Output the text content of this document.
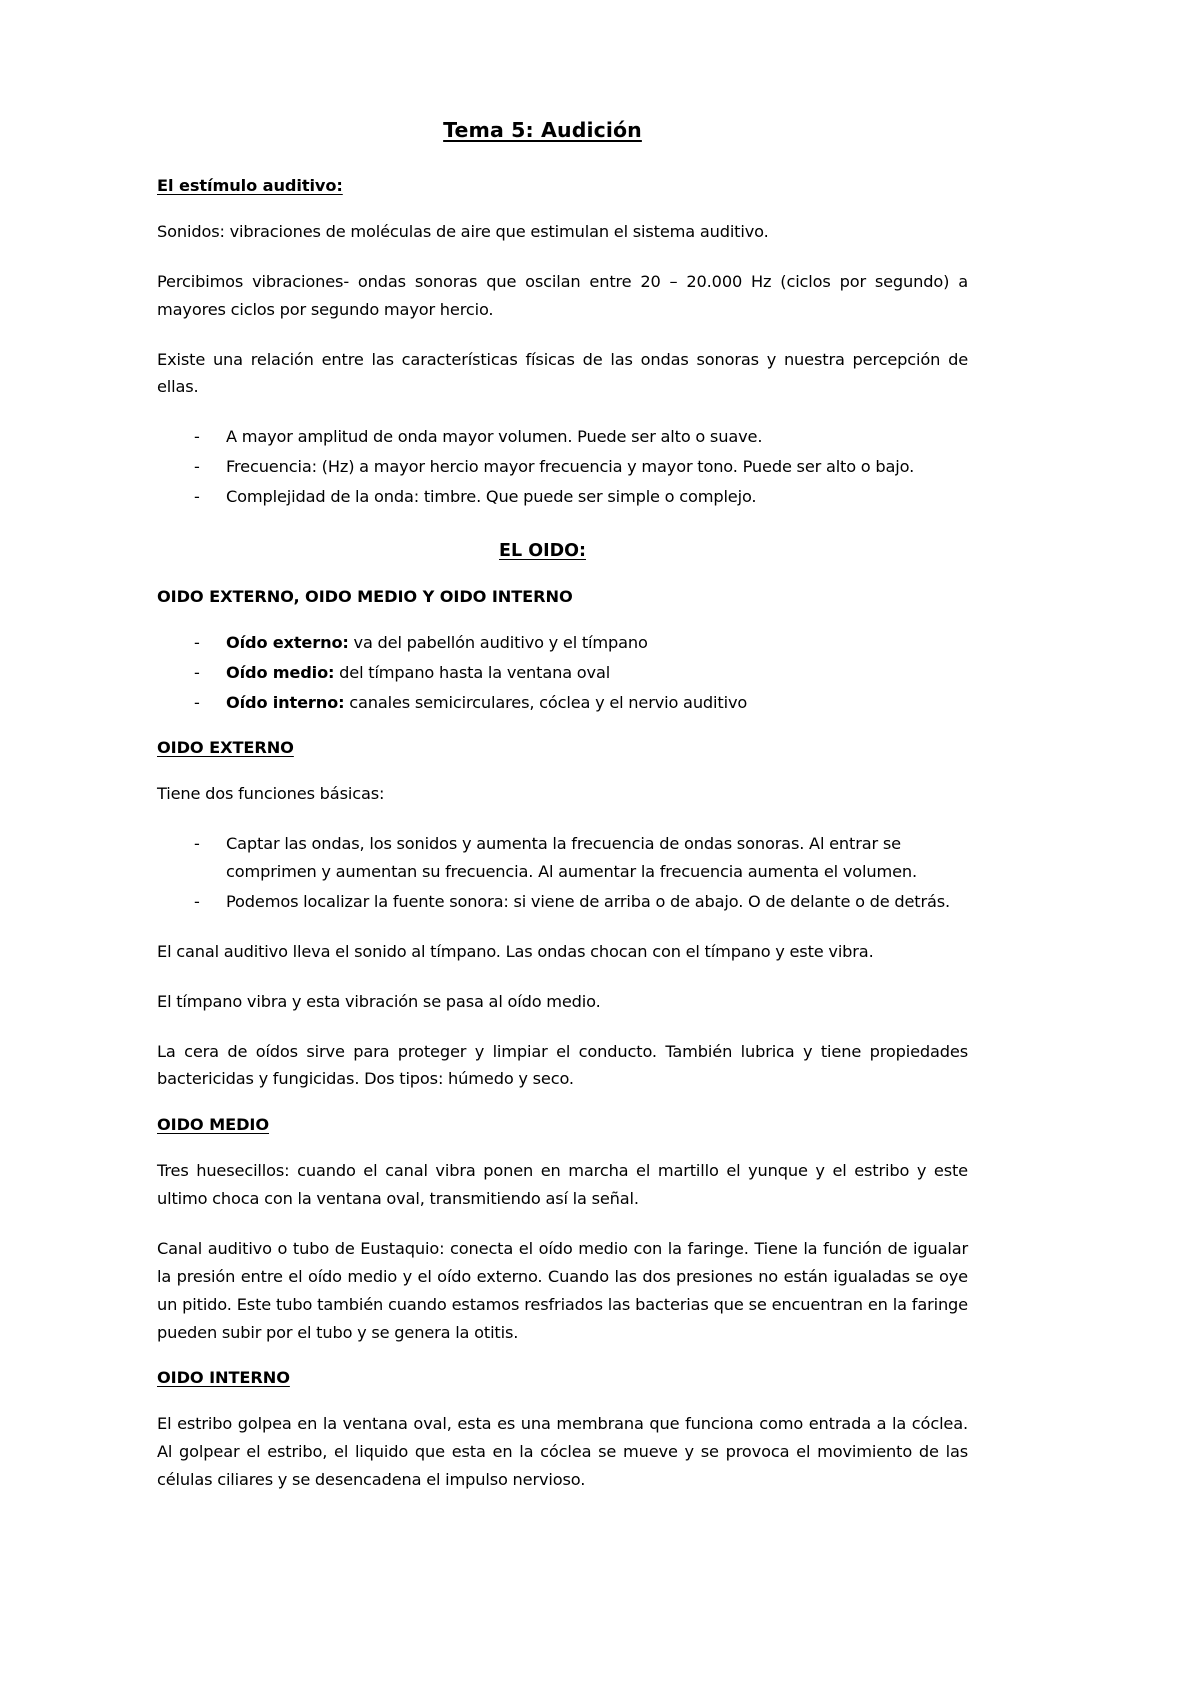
Tema 5: Audición
El estímulo auditivo:

Sonidos: vibraciones de moléculas de aire que estimulan el sistema auditivo.

Percibimos vibraciones- ondas sonoras que oscilan entre 20 – 20.000 Hz (ciclos por segundo) a mayores ciclos por segundo mayor hercio.

Existe una relación entre las características físicas de las ondas sonoras y nuestra percepción de ellas.

- A mayor amplitud de onda mayor volumen. Puede ser alto o suave.
- Frecuencia: (Hz) a mayor hercio mayor frecuencia y mayor tono. Puede ser alto o bajo.
- Complejidad de la onda: timbre. Que puede ser simple o complejo.
EL OIDO:
OIDO EXTERNO, OIDO MEDIO Y OIDO INTERNO
- Oído externo: va del pabellón auditivo y el tímpano
- Oído medio: del tímpano hasta la ventana oval
- Oído interno: canales semicirculares, cóclea y el nervio auditivo
OIDO EXTERNO

Tiene dos funciones básicas:

- Captar las ondas, los sonidos y aumenta la frecuencia de ondas sonoras. Al entrar se comprimen y aumentan su frecuencia. Al aumentar la frecuencia aumenta el volumen.
- Podemos localizar la fuente sonora: si viene de arriba o de abajo. O de delante o de detrás.

El canal auditivo lleva el sonido al tímpano. Las ondas chocan con el tímpano y este vibra.

El tímpano vibra y esta vibración se pasa al oído medio.

La cera de oídos sirve para proteger y limpiar el conducto. También lubrica y tiene propiedades bactericidas y fungicidas. Dos tipos: húmedo y seco.

OIDO MEDIO

Tres huesecillos: cuando el canal vibra ponen en marcha el martillo el yunque y el estribo y este ultimo choca con la ventana oval, transmitiendo así la señal.

Canal auditivo o tubo de Eustaquio: conecta el oído medio con la faringe. Tiene la función de igualar la presión entre el oído medio y el oído externo. Cuando las dos presiones no están igualadas se oye un pitido. Este tubo también cuando estamos resfriados las bacterias que se encuentran en la faringe pueden subir por el tubo y se genera la otitis.

OIDO INTERNO

El estribo golpea en la ventana oval, esta es una membrana que funciona como entrada a la cóclea. Al golpear el estribo, el liquido que esta en la cóclea se mueve y se provoca el movimiento de las células ciliares y se desencadena el impulso nervioso.
